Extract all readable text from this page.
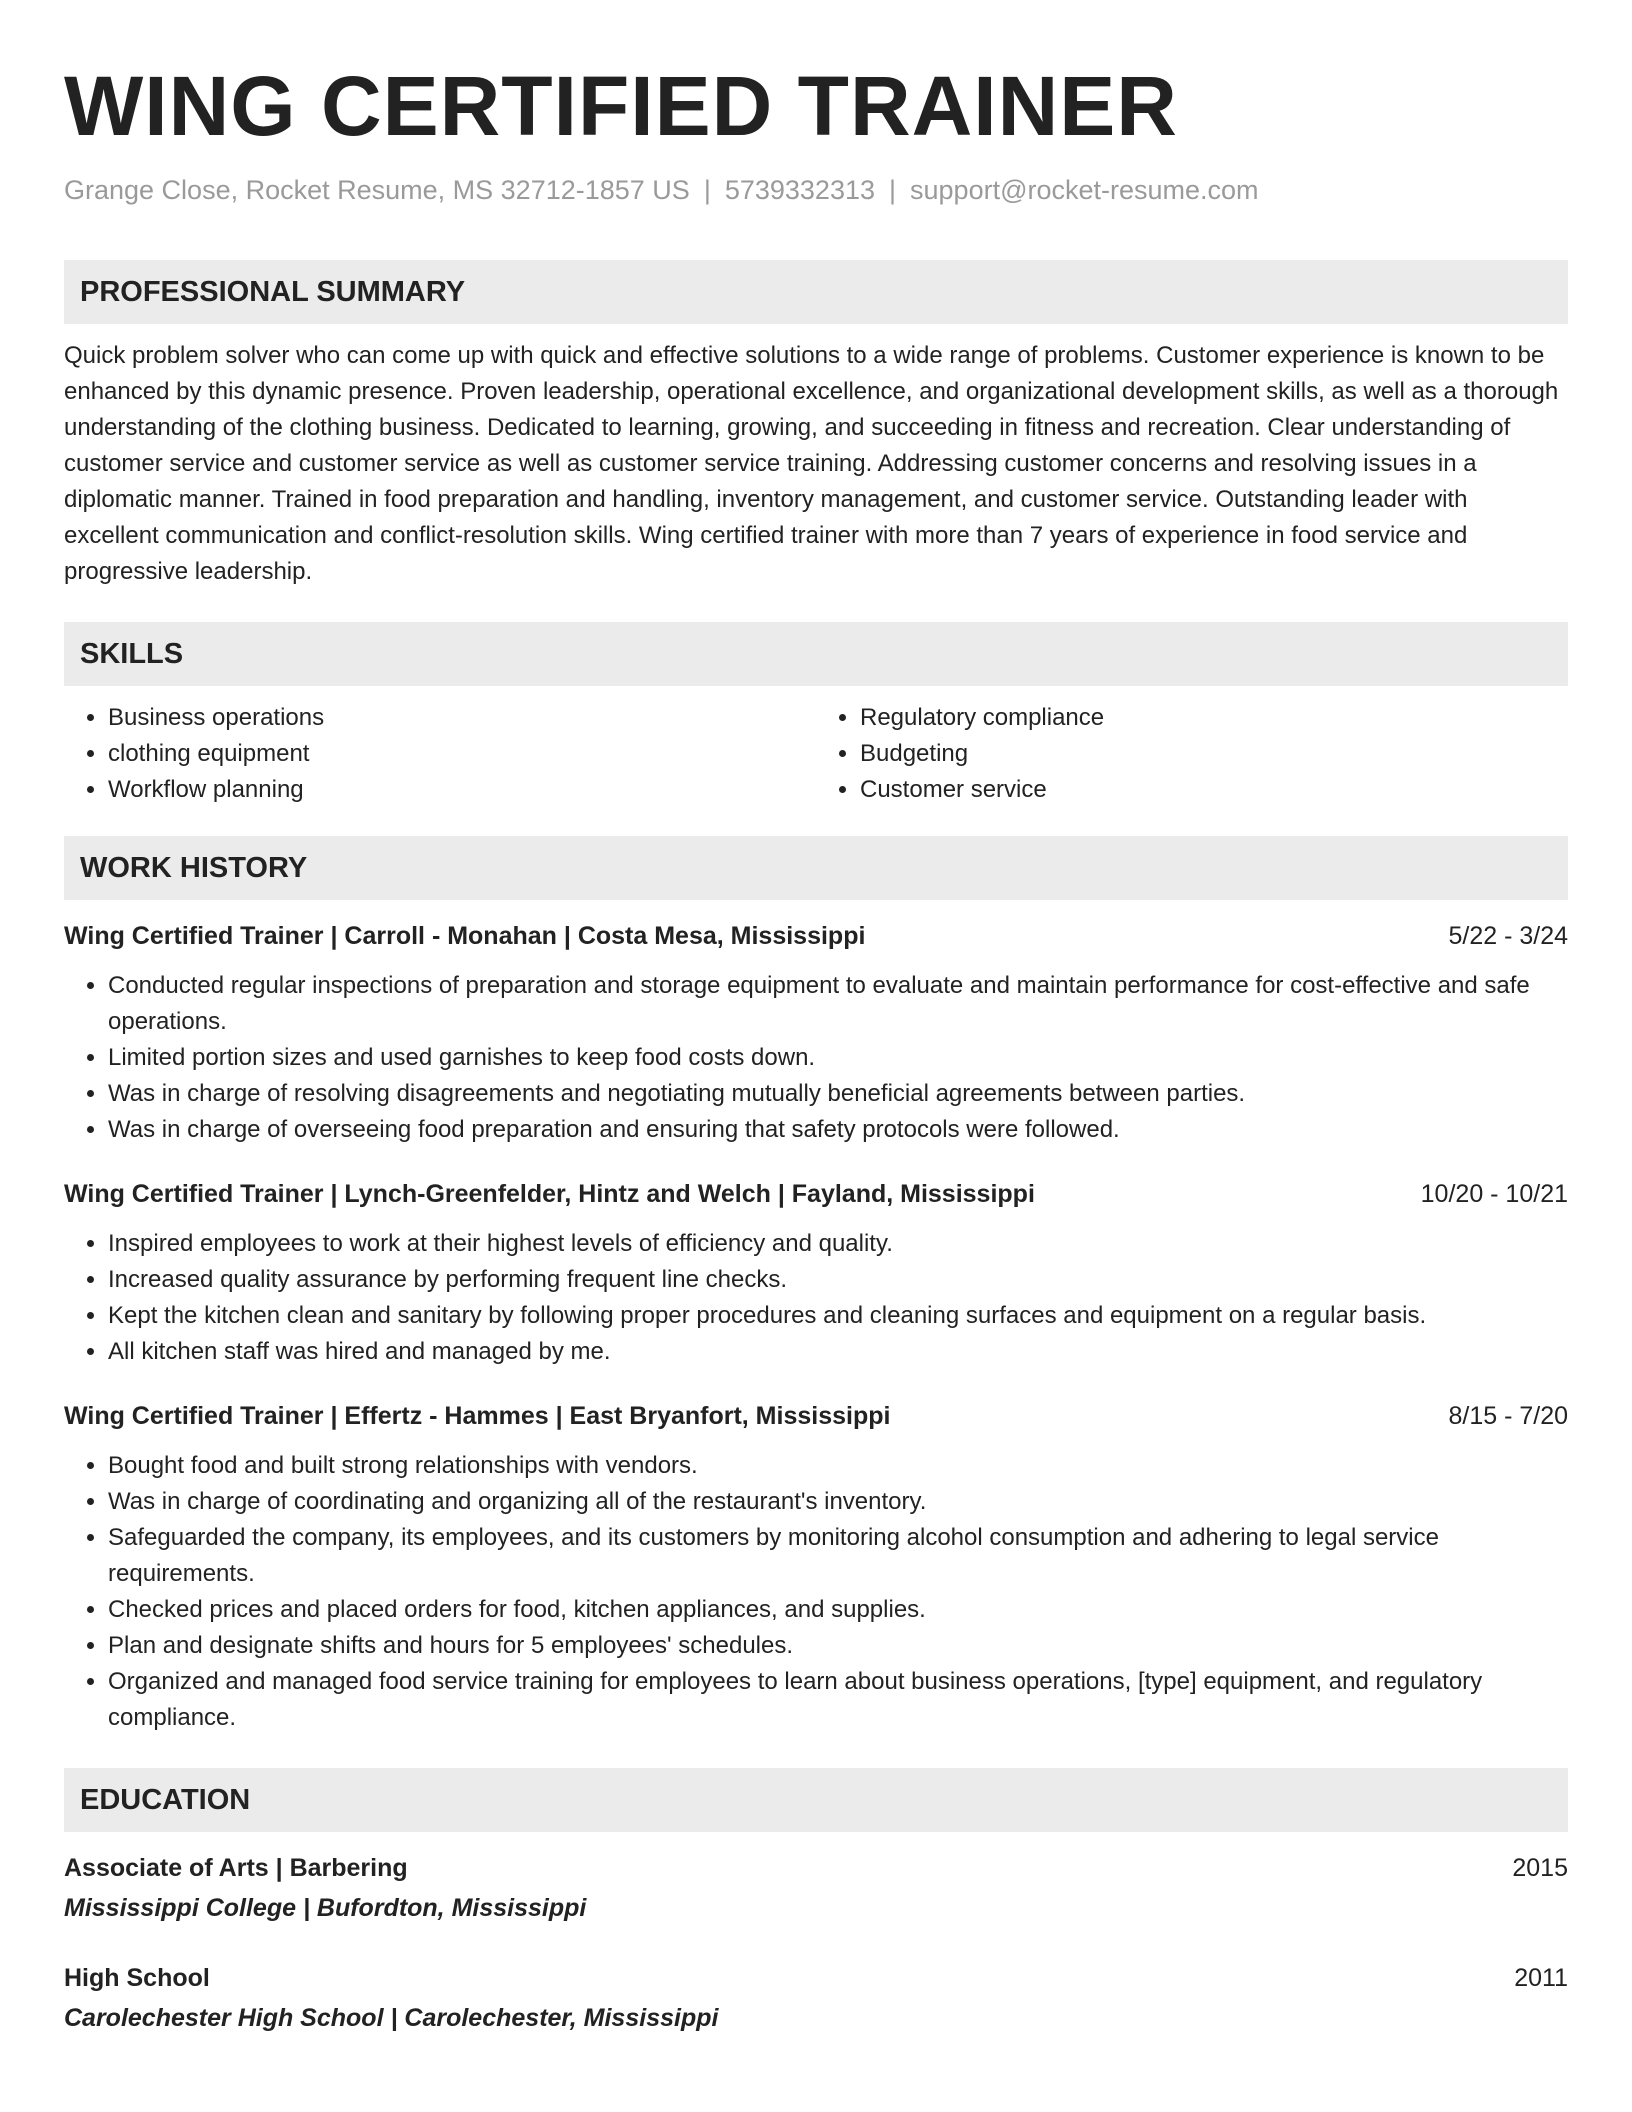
WING CERTIFIED TRAINER
Grange Close, Rocket Resume, MS 32712-1857 US | 5739332313 | support@rocket-resume.com
PROFESSIONAL SUMMARY

Quick problem solver who can come up with quick and effective solutions to a wide range of problems. Customer experience is known to be enhanced by this dynamic presence. Proven leadership, operational excellence, and organizational development skills, as well as a thorough understanding of the clothing business. Dedicated to learning, growing, and succeeding in fitness and recreation. Clear understanding of customer service and customer service as well as customer service training. Addressing customer concerns and resolving issues in a diplomatic manner. Trained in food preparation and handling, inventory management, and customer service. Outstanding leader with excellent communication and conflict-resolution skills. Wing certified trainer with more than 7 years of experience in food service and progressive leadership.

SKILLS
• Business operations
• clothing equipment
• Workflow planning
• Regulatory compliance
• Budgeting
• Customer service
WORK HISTORY
Wing Certified Trainer | Carroll - Monahan | Costa Mesa, Mississippi	5/22 - 3/24
• Conducted regular inspections of preparation and storage equipment to evaluate and maintain performance for cost-effective and safe operations.
• Limited portion sizes and used garnishes to keep food costs down.
• Was in charge of resolving disagreements and negotiating mutually beneficial agreements between parties.
• Was in charge of overseeing food preparation and ensuring that safety protocols were followed.
Wing Certified Trainer | Lynch-Greenfelder, Hintz and Welch | Fayland, Mississippi	10/20 - 10/21
• Inspired employees to work at their highest levels of efficiency and quality.
• Increased quality assurance by performing frequent line checks.
• Kept the kitchen clean and sanitary by following proper procedures and cleaning surfaces and equipment on a regular basis.
• All kitchen staff was hired and managed by me.
Wing Certified Trainer | Effertz - Hammes | East Bryanfort, Mississippi	8/15 - 7/20
• Bought food and built strong relationships with vendors.
• Was in charge of coordinating and organizing all of the restaurant's inventory.
• Safeguarded the company, its employees, and its customers by monitoring alcohol consumption and adhering to legal service requirements.
• Checked prices and placed orders for food, kitchen appliances, and supplies.
• Plan and designate shifts and hours for 5 employees' schedules.
• Organized and managed food service training for employees to learn about business operations, [type] equipment, and regulatory compliance.
EDUCATION
Associate of Arts | Barbering	2015
Mississippi College | Bufordton, Mississippi
High School	2011
Carolechester High School | Carolechester, Mississippi
